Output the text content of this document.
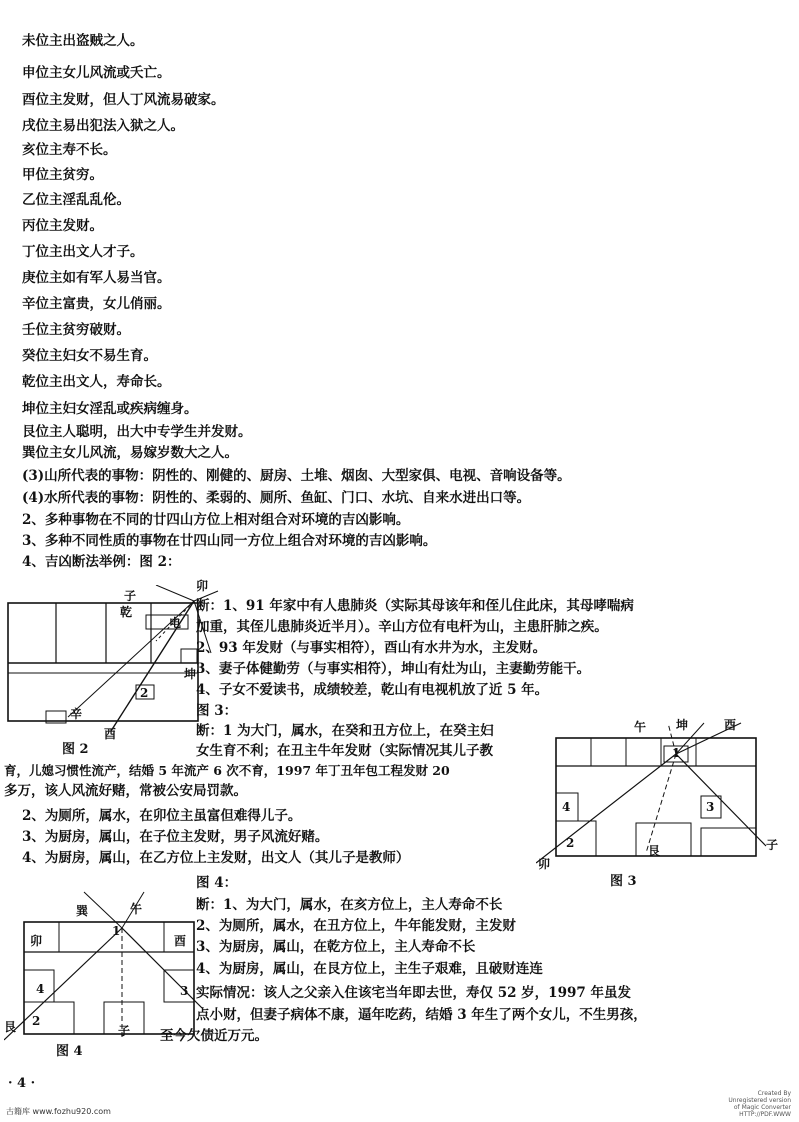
未位主出盗贼之人。
申位主女儿风流或夭亡。
酉位主发财，但人丁风流易破家。
戌位主易出犯法入狱之人。
亥位主寿不长。
甲位主贫穷。
乙位主淫乱乱伦。
丙位主发财。
丁位主出文人才子。
庚位主如有军人易当官。
辛位主富贵，女儿俏丽。
壬位主贫穷破财。
癸位主妇女不易生育。
乾位主出文人，寿命长。
坤位主妇女淫乱或疾病缠身。
艮位主人聪明，出大中专学生并发财。
巽位主女儿风流，易嫁岁数大之人。
(3)山所代表的事物：阴性的、刚健的、厨房、土堆、烟囱、大型家俱、电视、音响设备等。
(4)水所代表的事物：阴性的、柔弱的、厕所、鱼缸、门口、水坑、自来水进出口等。
2、多种事物在不同的廿四山方位上相对组合对环境的吉凶影响。
3、多种不同性质的事物在廿四山同一方位上组合对环境的吉凶影响。
4、吉凶断法举例：图 2：
子
乾
卯
电
坤
2
辛
酉
图 2
断：1、91 年家中有人患肺炎（实际其母该年和侄儿住此床，其母哮喘病
加重，其侄儿患肺炎近半月）。辛山方位有电杆为山，主患肝肺之疾。
2、93 年发财（与事实相符），酉山有水井为水，主发财。
3、妻子体健勤劳（与事实相符），坤山有灶为山，主妻勤劳能干。
4、子女不爱读书，成绩较差，乾山有电视机放了近 5 年。
图 3：
断：1 为大门，属水，在癸和丑方位上，在癸主妇
女生育不利；在丑主牛年发财（实际情况其儿子教
育，儿媳习惯性流产，结婚 5 年流产 6 次不育，1997 年丁丑年包工程发财 20
多万，该人风流好赌，常被公安局罚款。
2、为厕所，属水，在卯位主虽富但难得儿子。
3、为厨房，属山，在子位主发财，男子风流好赌。
4、为厨房，属山，在乙方位上主发财，出文人（其儿子是教师）
午 坤	酉
子
卯
艮
1
2
3
4
图 3
图 4：
断：1、为大门，属水，在亥方位上，主人寿命不长
2、为厕所，属水，在丑方位上，牛年能发财，主发财
3、为厨房，属山，在乾方位上，主人寿命不长
4、为厨房，属山，在艮方位上，主生子艰难，且破财连连
实际情况：该人之父亲入住该宅当年即去世，寿仅 52 岁，1997 年虽发
点小财，但妻子病体不康，逼年吃药，结婚 3 年生了两个女儿，不生男孩，
至今欠债近万元。
巽	午
卯	酉
艮	子
1
2
3
4
图 4
· 4 ·
古籍库 www.fozhu920.com
Created By
Unregistered version
of Magic Converter
HTTP://PDF.WWW
